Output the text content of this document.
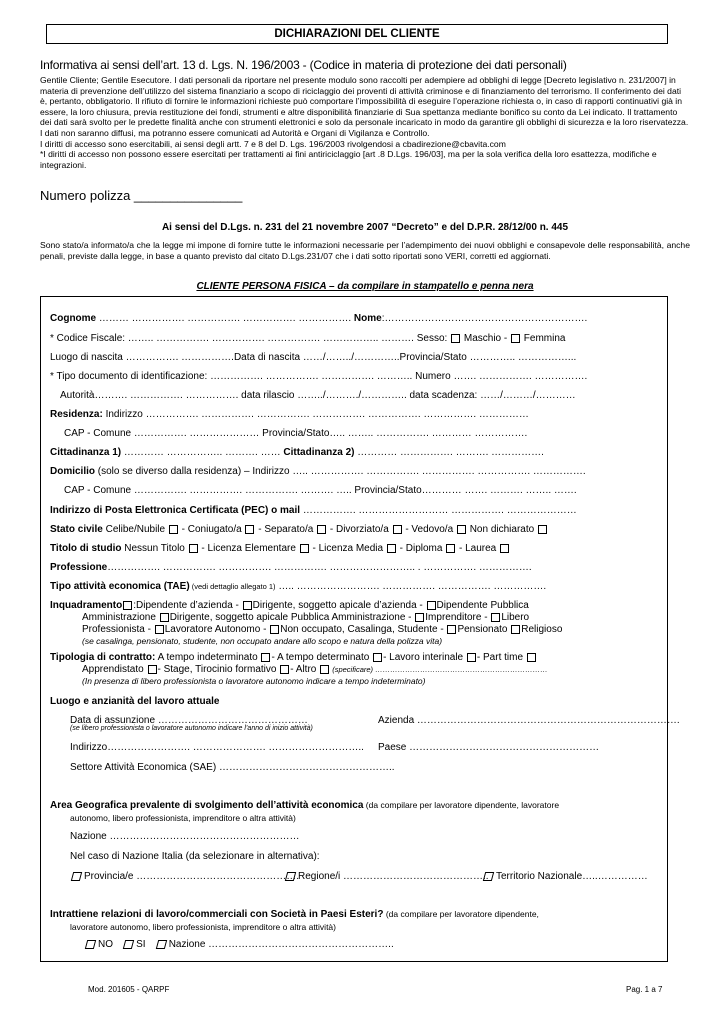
DICHIARAZIONI DEL CLIENTE
Informativa ai sensi dell’art. 13 d. Lgs. N. 196/2003 - (Codice in materia di protezione dei dati personali)

Gentile Cliente; Gentile Esecutore. I dati personali da riportare nel presente modulo sono raccolti per adempiere ad obblighi di legge [Decreto legislativo n. 231/2007] in materia di prevenzione dell’utilizzo del sistema finanziario a scopo di riciclaggio dei proventi di attività criminose e di finanziamento del terrorismo. Il conferimento dei dati è, pertanto, obbligatorio. Il rifiuto di fornire le informazioni richieste può comportare l’impossibilità di eseguire l’operazione richiesta o, in caso di rapporti continuativi già in essere, la loro chiusura, previa restituzione dei fondi, strumenti e altre disponibilità finanziarie di Sua spettanza mediante bonifico su conto da Lei indicato. Il trattamento dei dati sarà svolto per le predette finalità anche con strumenti elettronici e solo da personale incaricato in modo da garantire gli obblighi di sicurezza e la loro riservatezza. I dati non saranno diffusi, ma potranno essere comunicati ad Autorità e Organi di Vigilanza e Controllo.

I diritti di accesso sono esercitabili, ai sensi degli artt. 7 e 8 del D. Lgs. 196/2003 rivolgendosi a cbadirezione@cbavita.com

*I diritti di accesso non possono essere esercitati per trattamenti ai fini antiriciclaggio [art .8 D.Lgs. 196/03], ma per la sola verifica della loro esattezza, modifiche e integrazioni.

Numero polizza _______________
Ai sensi del D.Lgs. n. 231 del 21 novembre 2007 “Decreto” e del D.P.R. 28/12/00 n. 445
Sono stato/a informato/a che la legge mi impone di fornire tutte le informazioni necessarie per l’adempimento dei nuovi obblighi e consapevole delle responsabilità, anche penali, previste dalla legge, in base a quanto previsto dal citato D.Lgs.231/07 che i dati sotto riportati sono VERI, corretti ed aggiornati.
CLIENTE PERSONA FISICA – da compilare in stampatello e penna nera
Cognome ……… ……………. ……………. ……………. ……………. Nome:…………………………………………………….
* Codice Fiscale: …….. ……………. ……………. ……………. …………….. ………. Sesso: Maschio - Femmina
Luogo di nascita ……………. …………….Data di nascita ……/……../…………..Provincia/Stato ………….. ……………...
* Tipo documento di identificazione: ……………. ……………. ……………. ……….. Numero ……. ……………. …………….
Autorità………. ……………. ……………. data rilascio ……../………./………….. data scadenza: ……/………/…………
Residenza: Indirizzo ……………. ……………. ……………. ……………. ……………. ……………. ……………
CAP - Comune ……………. ………………… Provincia/Stato….. …….. ……………. ………… …………….
Cittadinanza 1) ………… …………….. ………. …… Cittadinanza 2) ………… ……………. ………. …………….
Domicilio (solo se diverso dalla residenza) – Indirizzo ….. ……………. ……………. ……………. ……………. …………….
CAP - Comune ……………. ……………. ……………. ………. ….. Provincia/Stato………… ……. ………. …….. …….
Indirizzo di Posta Elettronica Certificata (PEC) o mail ……………. ……………………… ……………. …………………
Stato civile Celibe/Nubile - Coniugato/a - Separato/a - Divorziato/a - Vedovo/a Non dichiarato
Titolo di studio Nessun Titolo - Licenza Elementare - Licenza Media - Diploma - Laurea
Professione……………. ……………. ……………. ……………. …………………….. . ……………. …………….
Tipo attività economica (TAE) (vedi dettaglio allegato 1) ….. ……………………. ……………. ……………. …………….
Inquadramento :Dipendente d’azienda - Dirigente, soggetto apicale d’azienda - Dipendente Pubblica
Amministrazione Dirigente, soggetto apicale Pubblica Amministrazione - Imprenditore - Libero
Professionista - Lavoratore Autonomo - Non occupato, Casalinga, Studente - Pensionato Religioso
(se casalinga, pensionato, studente, non occupato andare allo scopo e natura della polizza vita)
Tipologia di contratto: A tempo indeterminato - A tempo determinato - Lavoro interinale - Part time
Apprendistato - Stage, Tirocinio formativo - Altro  (specificare) ……………………………………………………………
(In presenza di libero professionista o lavoratore autonomo indicare a tempo indeterminato)
Luogo e anzianità del lavoro attuale
Data di assunzione ………………………………………	Azienda …………………………………………………………………….
(se libero professionista o lavoratore autonomo indicare l’anno di inizio attività)
Indirizzo……………………. …………………. ……………………….. Paese …………………………………………………
Settore Attività Economica (SAE) ……………………………………………..
Area Geografica prevalente di svolgimento dell’attività economica (da compilare per lavoratore dipendente, lavoratore
autonomo, libero professionista, imprenditore o altra attività)
Nazione …………………………………………………
Nel caso di Nazione Italia (da selezionare in alternativa):
Provincia/e ………………………………………….
Regione/i …………………………………….. Territorio Nazionale…..……………
Intrattiene relazioni di lavoro/commerciali con Società in Paesi Esteri? (da compilare per lavoratore dipendente,
lavoratore autonomo, libero professionista, imprenditore o altra attività)
NO SI Nazione ………………………………………………..
Mod. 201605 - QARPF	Pag. 1 a 7
